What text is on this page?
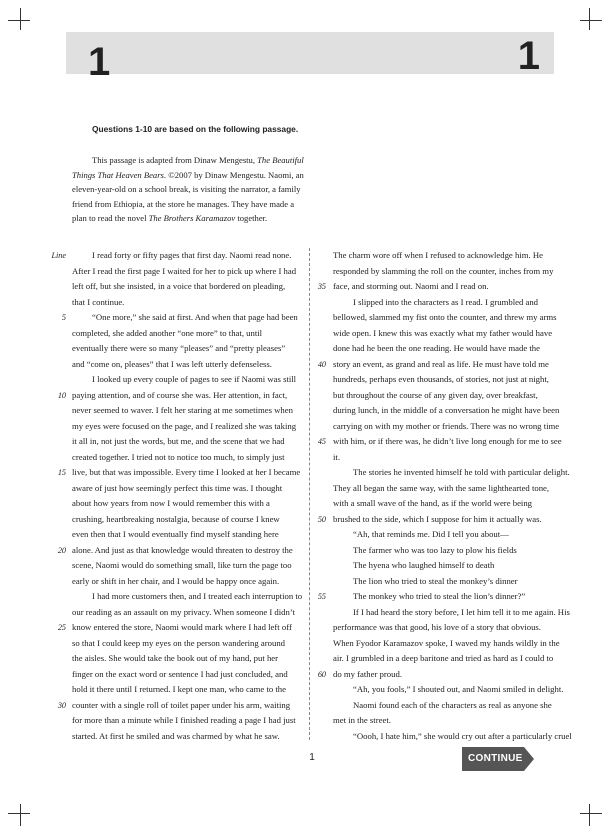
1	1
Questions 1-10 are based on the following passage.

This passage is adapted from Dinaw Mengestu, The Beautiful Things That Heaven Bears. ©2007 by Dinaw Mengestu. Naomi, an eleven-year-old on a school break, is visiting the narrator, a family friend from Ethiopia, at the store he manages. They have made a plan to read the novel The Brothers Karamazov together.

I read forty or fifty pages that first day. Naomi read none.
After I read the first page I waited for her to pick up where I had
left off, but she insisted, in a voice that bordered on pleading,
that I continue.
“One more,” she said at first. And when that page had been
completed, she added another “one more” to that, until
eventually there were so many “pleases” and “pretty pleases”
and “come on, pleases” that I was left utterly defenseless.
I looked up every couple of pages to see if Naomi was still
paying attention, and of course she was. Her attention, in fact,
never seemed to waver. I felt her staring at me sometimes when
my eyes were focused on the page, and I realized she was taking
it all in, not just the words, but me, and the scene that we had
created together. I tried not to notice too much, to simply just
live, but that was impossible. Every time I looked at her I became
aware of just how seemingly perfect this time was. I thought
about how years from now I would remember this with a
crushing, heartbreaking nostalgia, because of course I knew
even then that I would eventually find myself standing here
alone. And just as that knowledge would threaten to destroy the
scene, Naomi would do something small, like turn the page too
early or shift in her chair, and I would be happy once again.
I had more customers then, and I treated each interruption to
our reading as an assault on my privacy. When someone I didn’t
know entered the store, Naomi would mark where I had left off
so that I could keep my eyes on the person wandering around
the aisles. She would take the book out of my hand, put her
finger on the exact word or sentence I had just concluded, and
hold it there until I returned. I kept one man, who came to the
counter with a single roll of toilet paper under his arm, waiting
for more than a minute while I finished reading a page I had just
started. At first he smiled and was charmed by what he saw.
The charm wore off when I refused to acknowledge him. He
responded by slamming the roll on the counter, inches from my
face, and storming out. Naomi and I read on.
I slipped into the characters as I read. I grumbled and
bellowed, slammed my fist onto the counter, and threw my arms
wide open. I knew this was exactly what my father would have
done had he been the one reading. He would have made the
story an event, as grand and real as life. He must have told me
hundreds, perhaps even thousands, of stories, not just at night,
but throughout the course of any given day, over breakfast,
during lunch, in the middle of a conversation he might have been
carrying on with my mother or friends. There was no wrong time
with him, or if there was, he didn’t live long enough for me to see
it.
The stories he invented himself he told with particular delight.
They all began the same way, with the same lighthearted tone,
with a small wave of the hand, as if the world were being
brushed to the side, which I suppose for him it actually was.
“Ah, that reminds me. Did I tell you about—
The farmer who was too lazy to plow his fields
The hyena who laughed himself to death
The lion who tried to steal the monkey’s dinner
The monkey who tried to steal the lion’s dinner?”
If I had heard the story before, I let him tell it to me again. His
performance was that good, his love of a story that obvious.
When Fyodor Karamazov spoke, I waved my hands wildly in the
air. I grumbled in a deep baritone and tried as hard as I could to
do my father proud.
“Ah, you fools,” I shouted out, and Naomi smiled in delight.
Naomi found each of the characters as real as anyone she
met in the street.
“Oooh, I hate him,” she would cry out after a particularly cruel
Line
5
10
15
20
25
30
35
40
45
50
55
60
1	CONTINUE
